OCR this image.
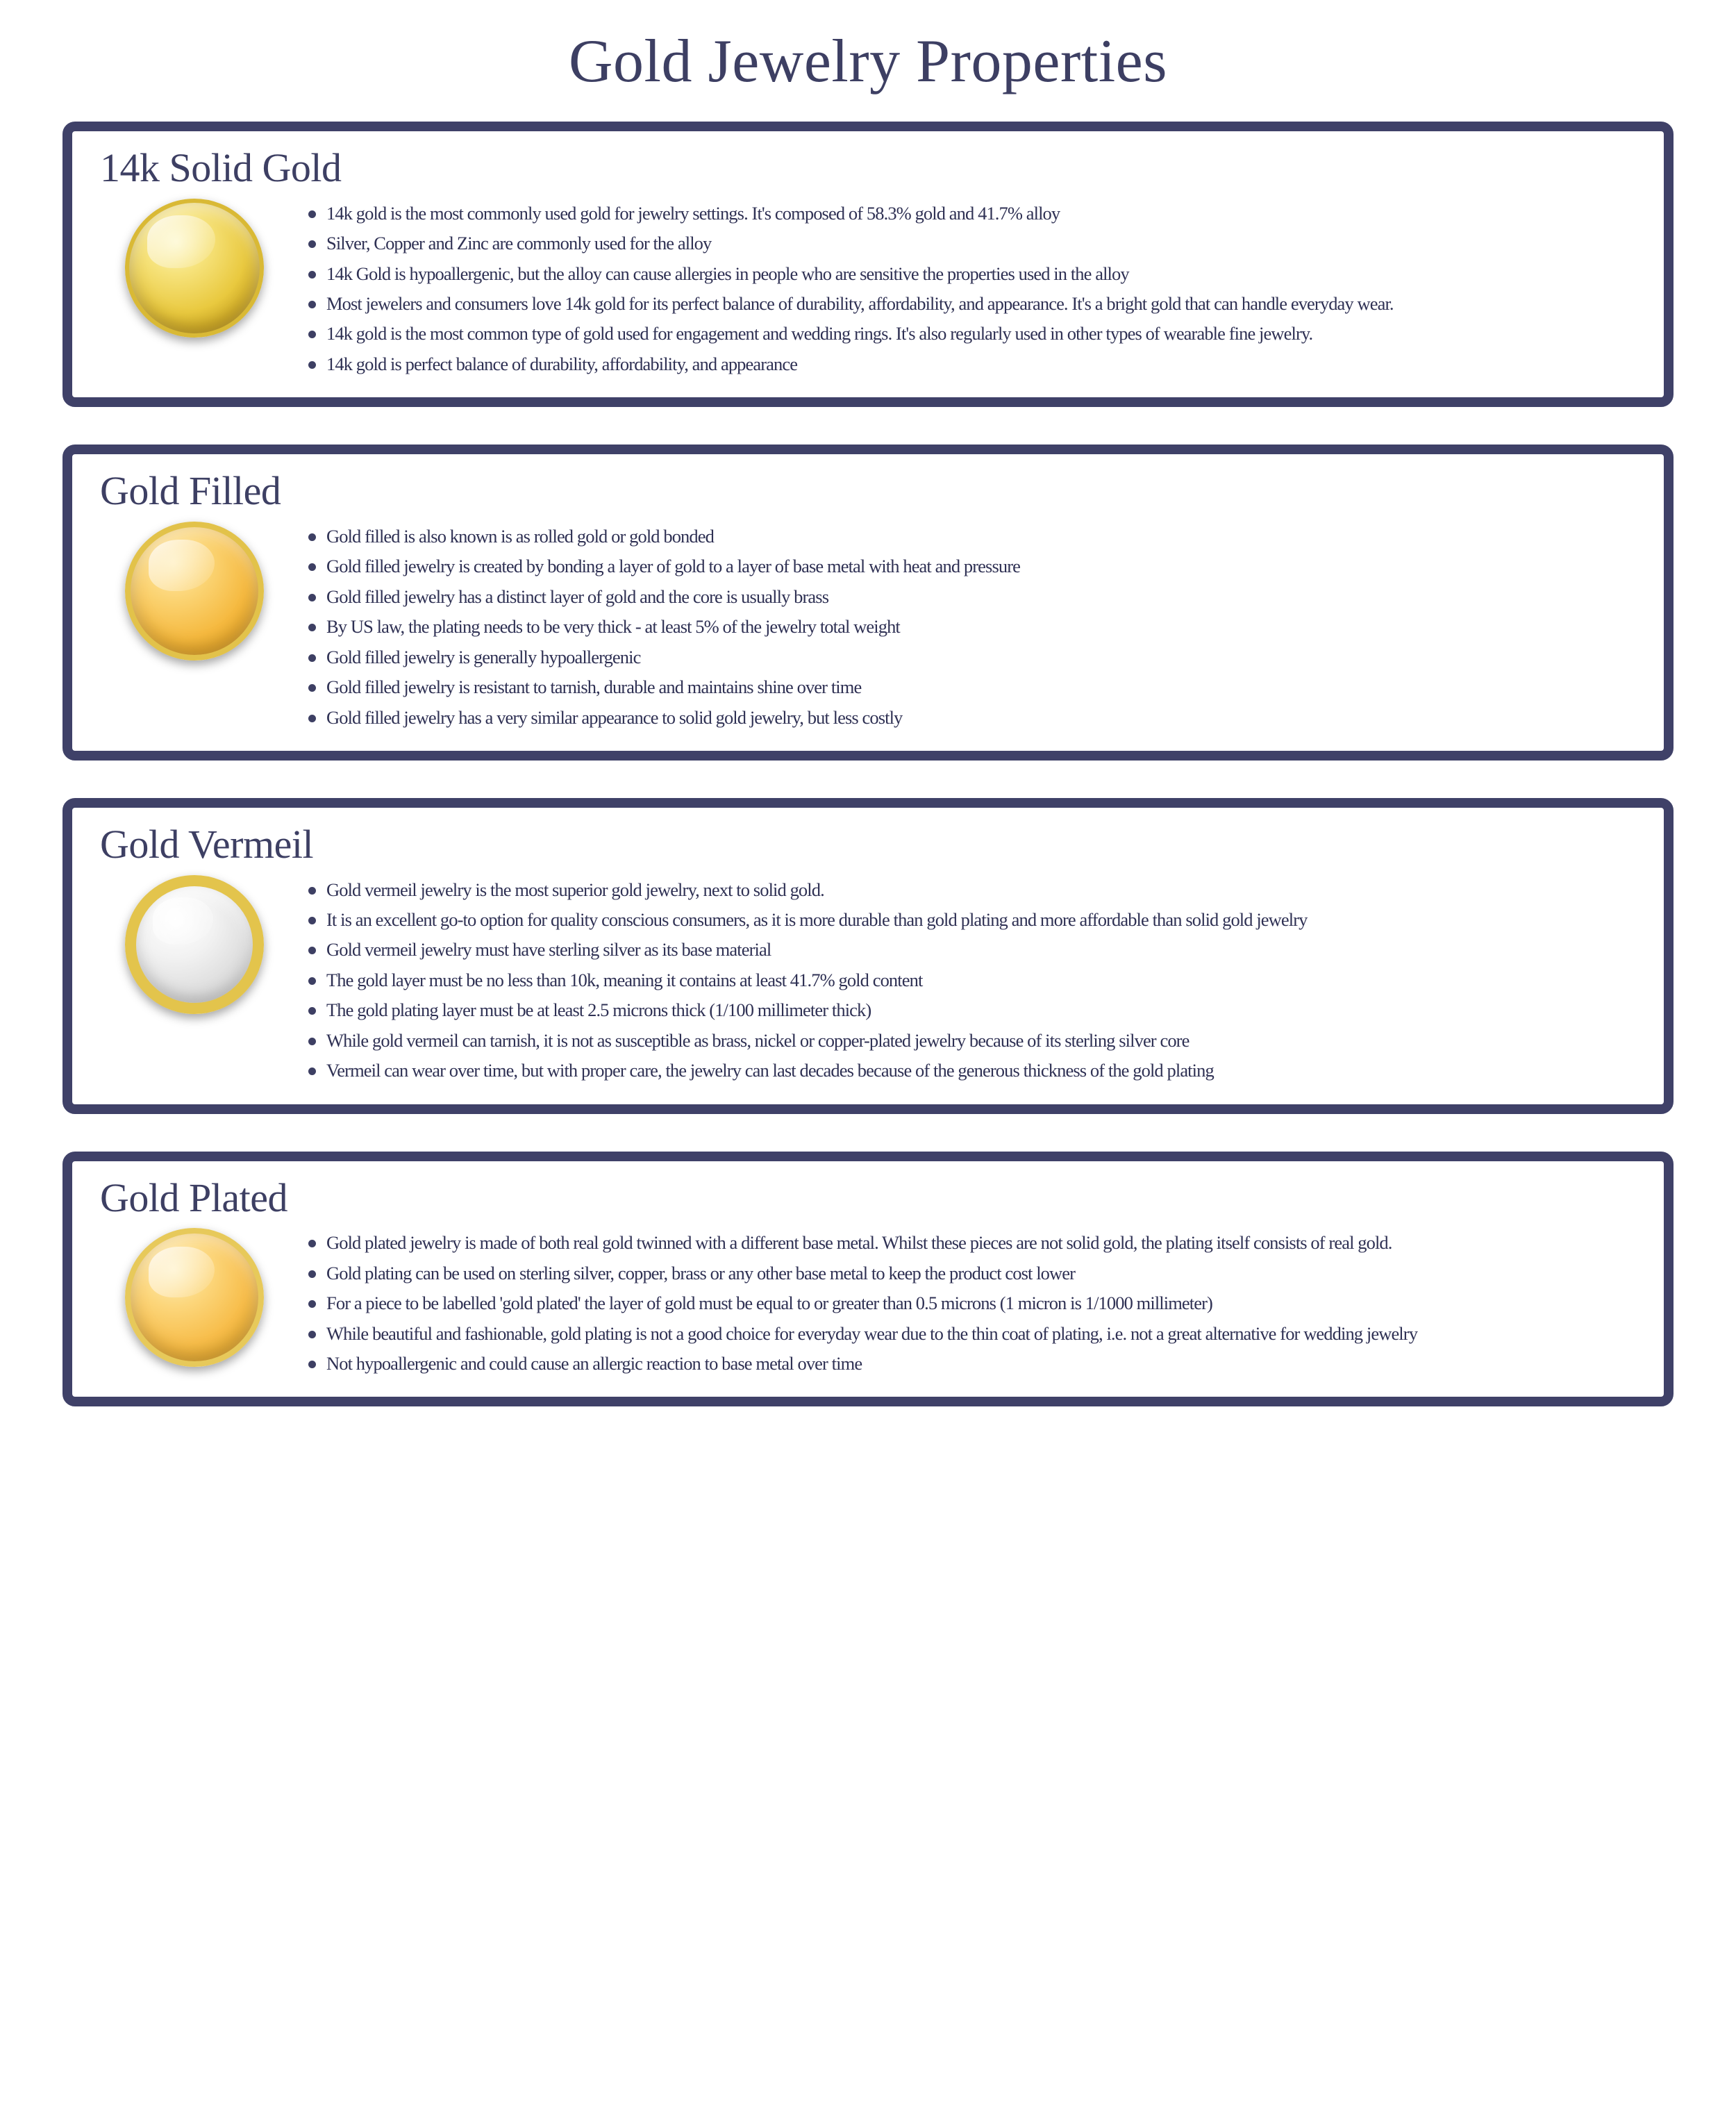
Gold Jewelry Properties
14k Solid Gold
14k gold is the most commonly used gold for jewelry settings. It's composed of 58.3% gold and 41.7% alloy
Silver, Copper and Zinc are commonly used for the alloy
14k Gold is hypoallergenic, but the alloy can cause allergies in people who are sensitive the properties used in the alloy
Most jewelers and consumers love 14k gold for its perfect balance of durability, affordability, and appearance. It's a bright gold that can handle everyday wear.
14k gold is the most common type of gold used for engagement and wedding rings. It's also regularly used in other types of wearable fine jewelry.
14k gold is perfect balance of durability, affordability, and appearance
Gold Filled
Gold filled is also known is as rolled gold or gold bonded
Gold filled jewelry is created by bonding a layer of gold to a layer of base metal with heat and pressure
Gold filled jewelry has a distinct layer of gold and the core is usually brass
By US law, the plating needs to be very thick - at least 5% of the jewelry total weight
Gold filled jewelry is generally hypoallergenic
Gold filled jewelry is resistant to tarnish, durable and maintains shine over time
Gold filled jewelry has a very similar appearance to solid gold jewelry, but less costly
Gold Vermeil
Gold vermeil jewelry is the most superior gold jewelry, next to solid gold.
It is an excellent go-to option for quality conscious consumers, as it is more durable than gold plating and more affordable than solid gold jewelry
Gold vermeil jewelry must have sterling silver as its base material
The gold layer must be no less than 10k, meaning it contains at least 41.7% gold content
The gold plating layer must be at least 2.5 microns thick (1/100 millimeter thick)
While gold vermeil can tarnish, it is not as susceptible as brass, nickel or copper-plated jewelry because of its sterling silver core
Vermeil can wear over time, but with proper care, the jewelry can last decades because of the generous thickness of the gold plating
Gold Plated
Gold plated jewelry is made of both real gold twinned with a different base metal. Whilst these pieces are not solid gold, the plating itself consists of real gold.
Gold plating can be used on sterling silver, copper, brass or any other base metal to keep the product cost lower
For a piece to be labelled 'gold plated' the layer of gold must be equal to or greater than 0.5 microns (1 micron is 1/1000 millimeter)
While beautiful and fashionable, gold plating is not a good choice for everyday wear due to the thin coat of plating, i.e. not a great alternative for wedding jewelry
Not hypoallergenic and could cause an allergic reaction to base metal over time
